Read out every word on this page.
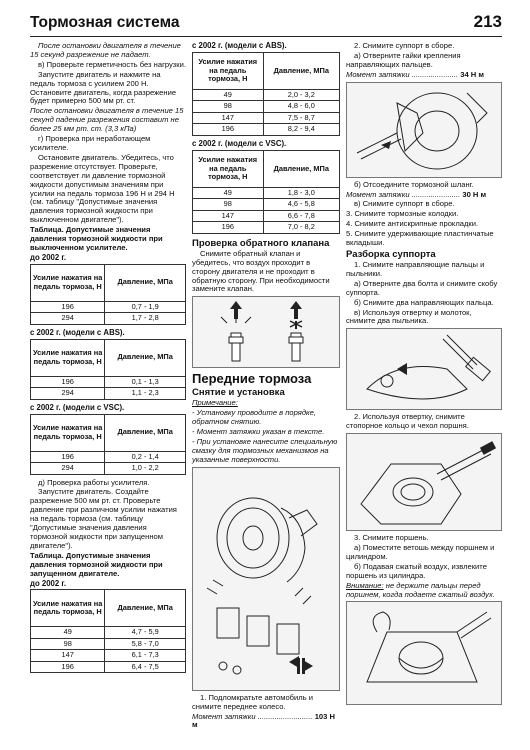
Тормозная система	213

После остановки двигателя в течение 15 секунд разрежение не падает.

в) Проверьте герметичность без нагрузки.

Запустите двигатель и нажмите на педаль тормоза с усилием 200 Н. Остановите двигатель, когда разрежение будет примерно 500 мм рт. ст.

После остановки двигателя в течение 15 секунд падение разрежения составит не более 25 мм рт. ст. (3,3 кПа)

г) Проверка при неработающем усилителе.

Остановите двигатель. Убедитесь, что разрежение отсутствует. Проверьте, соответствует ли давление тормозной жидкости допустимым значениям при усилии на педаль тормоза 196 Н и 294 Н (см. таблицу "Допустимые значения давления тормозной жидкости при выключенном двигателе").

Таблица. Допустимые значения давления тормозной жидкости при выключенном усилителе.

до 2002 г.

Усилие нажатия на педаль тормоза, Н	Давление, МПа
196	0,7 - 1,9
294	1,7 - 2,8

с 2002 г. (модели с ABS).

Усилие нажатия на педаль тормоза, Н	Давление, МПа
196	0,1 - 1,3
294	1,1 - 2,3

с 2002 г. (модели с VSC).

Усилие нажатия на педаль тормоза, Н	Давление, МПа
196	0,2 - 1,4
294	1,0 - 2,2

д) Проверка работы усилителя.

Запустите двигатель. Создайте разрежение 500 мм рт. ст. Проверьте давление при различном усилии нажатия на педаль тормоза (см. таблицу "Допустимые значения давления тормозной жидкости при запущенном двигателе").

Таблица. Допустимые значения давления тормозной жидкости при запущенном двигателе.

до 2002 г.

Усилие нажатия на педаль тормоза, Н	Давление, МПа
49	4,7 - 5,9
98	5,8 - 7,0
147	6,1 - 7,3
196	6,4 - 7,5

с 2002 г. (модели с ABS).

Усилие нажатия на педаль тормоза, Н	Давление, МПа
49	2,0 - 3,2
98	4,8 - 6,0
147	7,5 - 8,7
196	8,2 - 9,4

с 2002 г. (модели с VSC).

Усилие нажатия на педаль тормоза, Н	Давление, МПа
49	1,8 - 3,0
98	4,6 - 5,8
147	6,6 - 7,8
196	7,0 - 8,2

Проверка обратного клапана

Снимите обратный клапан и убедитесь, что воздух проходит в сторону двигателя и не проходит в обратную сторону. При необходимости замените клапан.

Передние тормоза

Снятие и установка

Примечание:

- Установку проводите в порядке, обратном снятию.

- Момент затяжки указан в тексте.

- При установке нанесите специальную смазку для тормозных механизмов на указанные поверхности.

1. Подломкратьте автомобиль и снимите переднее колесо.

Момент затяжки .......................... 103 Н м

2. Снимите суппорт в сборе.

а) Отверните гайки крепления направляющих пальцев.

Момент затяжки ...................... 34 Н м

б) Отсоедините тормозной шланг.

Момент затяжки ....................... 30 Н м

в) Снимите суппорт в сборе.

3. Снимите тормозные колодки.

4. Снимите антискрипные прокладки.

5. Снимите удерживающие пластинчатые вкладыши.

Разборка суппорта

1. Снимите направляющие пальцы и пыльники.

а) Отверните два болта и снимите скобу суппорта.

б) Снимите два направляющих пальца.

в) Используя отвертку и молоток, снимите два пыльника.

2. Используя отвертку, снимите стопорное кольцо и чехол поршня.

3. Снимите поршень.

а) Поместите ветошь между поршнем и цилиндром.

б) Подавая сжатый воздух, извлеките поршень из цилиндра.

Внимание: не держите пальцы перед поршнем, когда подаете сжатый воздух.
